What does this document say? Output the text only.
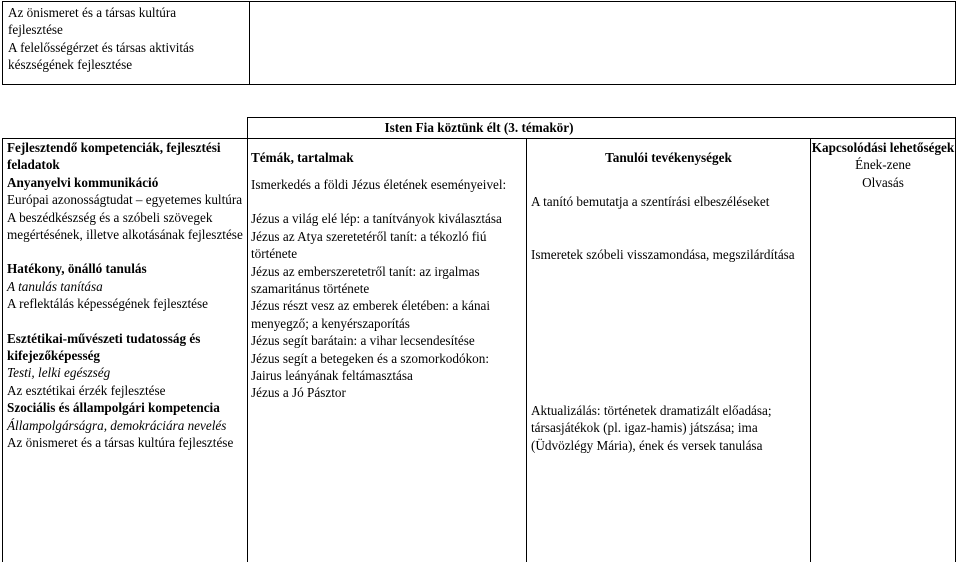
Az önismeret és a társas kultúra
fejlesztése
A felelősségérzet és társas aktivitás
készségének fejlesztése
Isten Fia köztünk élt (3. témakör)
Fejlesztendő kompetenciák, fejlesztési feladatok
Anyanyelvi kommunikáció
Európai azonosságtudat – egyetemes kultúra
A beszédkészség és a szóbeli szövegek megértésének, illetve alkotásának fejlesztése
Hatékony, önálló tanulás
A tanulás tanítása
A reflektálás képességének fejlesztése
Esztétikai-művészeti tudatosság és kifejezőképesség
Testi, lelki egészség
Az esztétikai érzék fejlesztése
Szociális és állampolgári kompetencia
Állampolgárságra, demokráciára nevelés
Az önismeret és a társas kultúra fejlesztése
Témák, tartalmak
Ismerkedés a földi Jézus életének eseményeivel:
Jézus a világ elé lép: a tanítványok kiválasztása
Jézus az Atya szeretetéről tanít: a tékozló fiú története
Jézus az emberszeretetről tanít: az irgalmas szamaritánus története
Jézus részt vesz az emberek életében: a kánai menyegző; a kenyérszaporítás
Jézus segít barátain: a vihar lecsendesítése
Jézus segít a betegeken és a szomorkodókon: Jairus leányának feltámasztása
Jézus a Jó Pásztor
Tanulói tevékenységek
A tanító bemutatja a szentírási elbeszéléseket
Ismeretek szóbeli visszamondása, megszilárdítása
Aktualizálás: történetek dramatizált előadása; társasjátékok (pl. igaz-hamis) játszása; ima (Üdvözlégy Mária), ének és versek tanulása
Kapcsolódási lehetőségek
Ének-zene
Olvasás
